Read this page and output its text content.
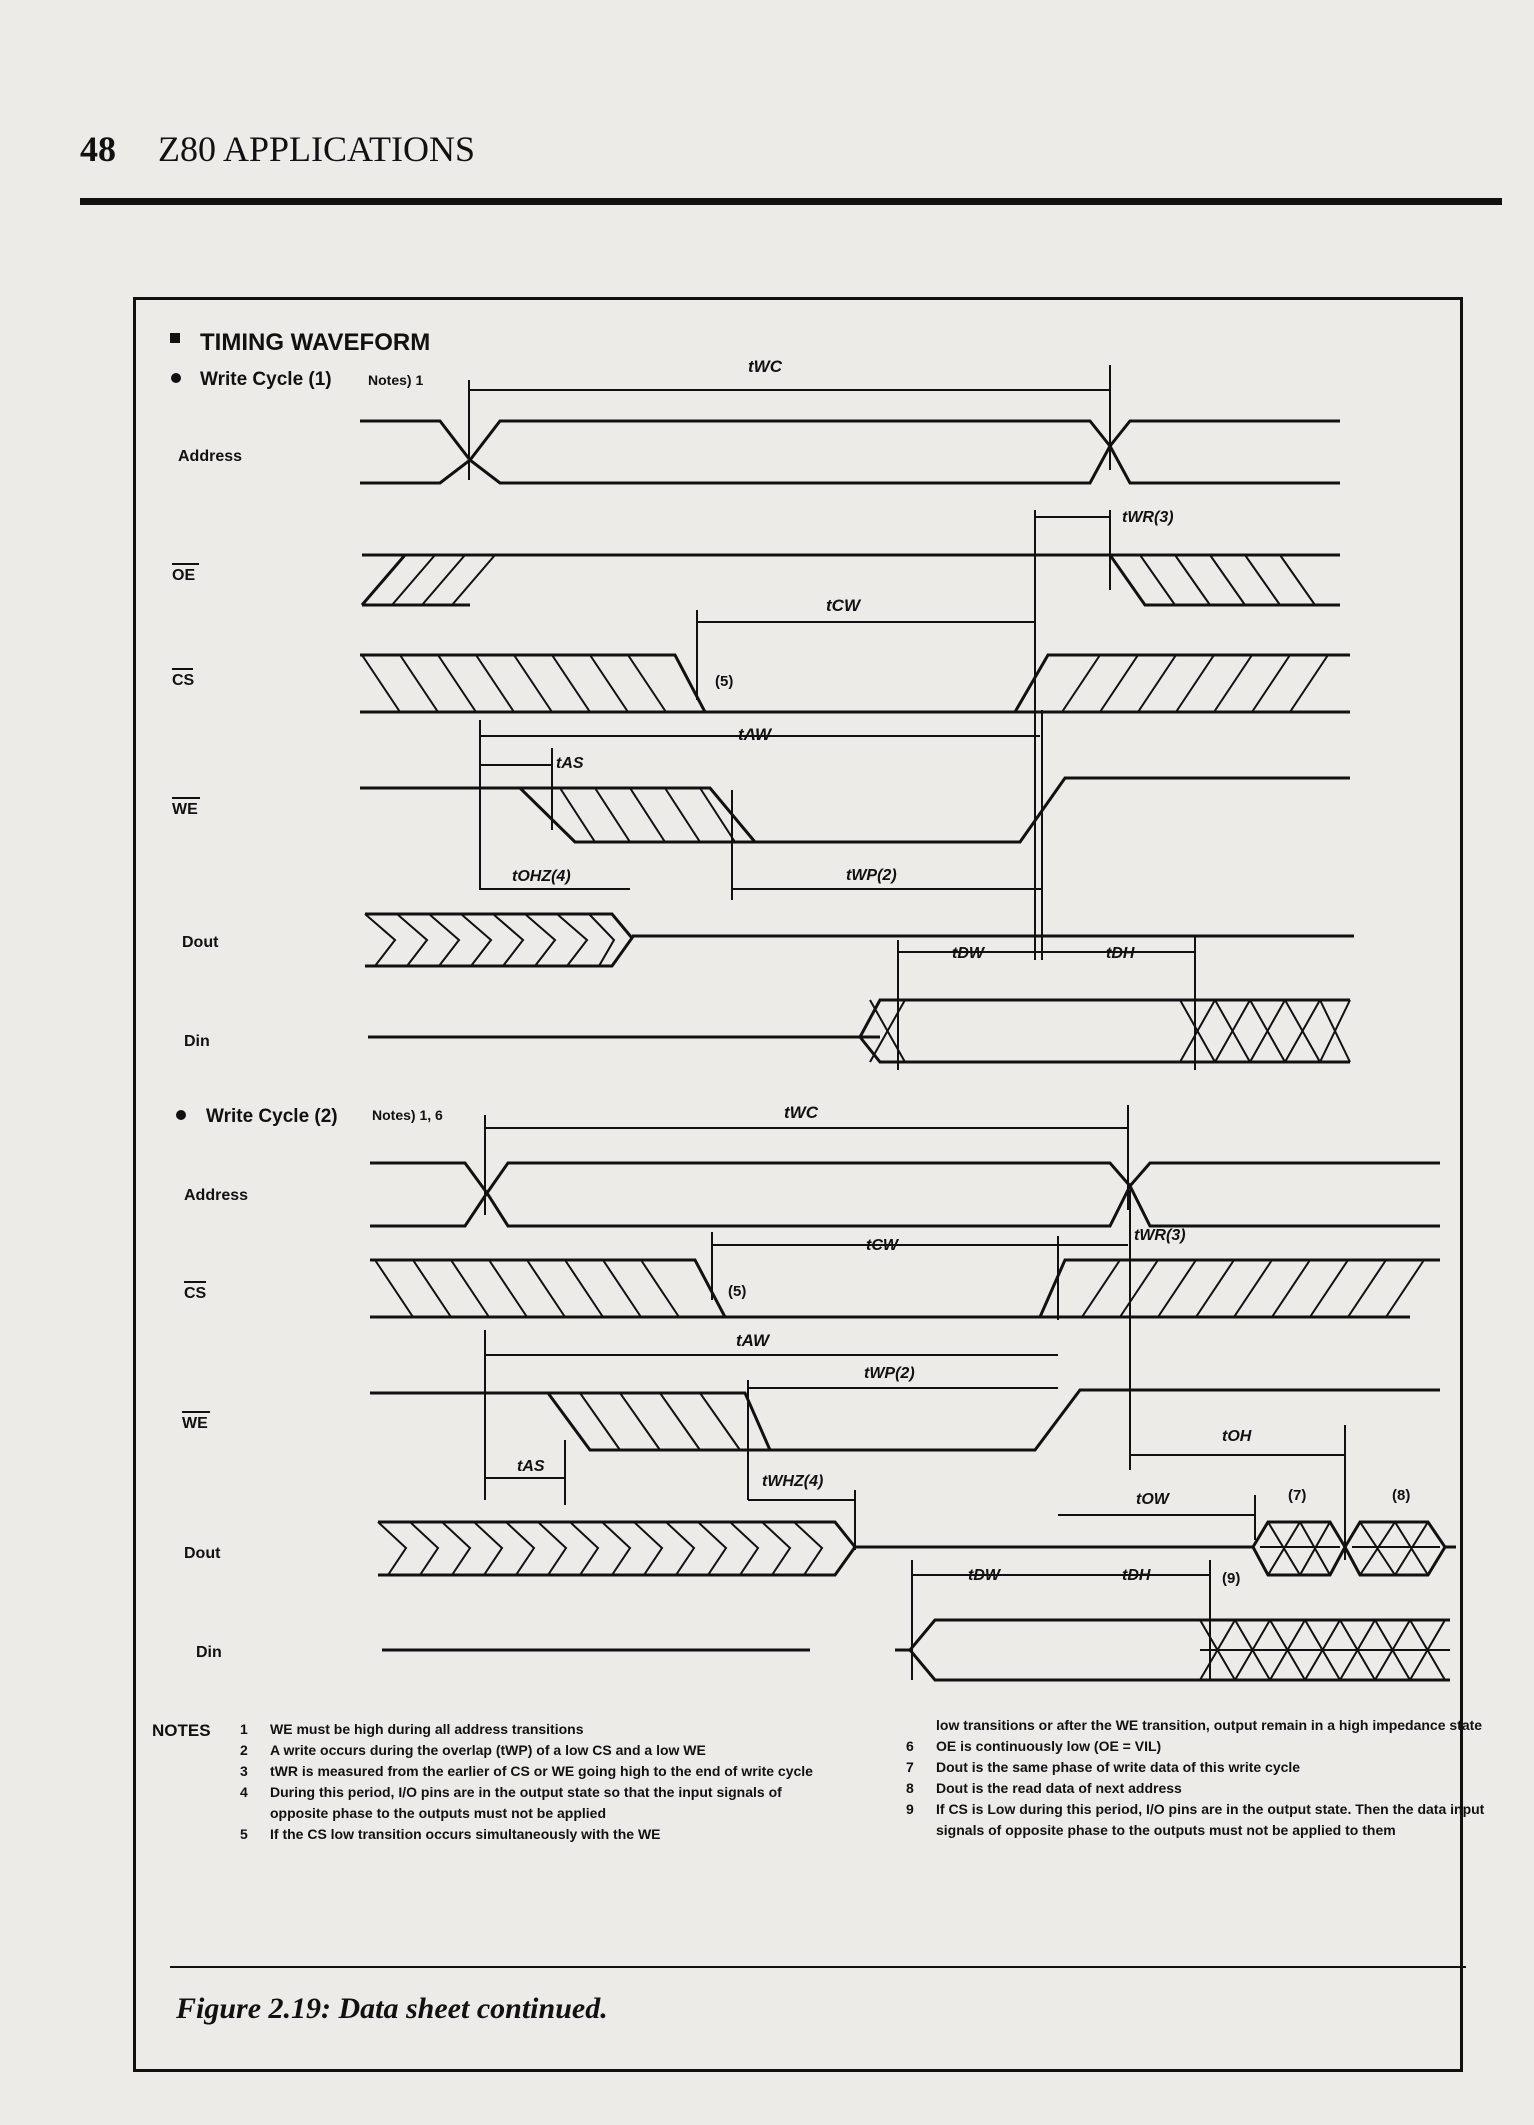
48 Z80 APPLICATIONS
TIMING WAVEFORM
Write Cycle (1)	Notes) 1
Address
OE
CS
WE
Dout
Din
tWC
tWR(3)
tCW
(5)
tAW
tAS
tOHZ(4)	tWP(2)
tDW	tDH
Write Cycle (2) Notes) 1, 6
Address
CS
WE
Dout
Din
tWC
tCW
tWR(3)
(5)
tAW
tWP(2)
tOH
tAS
tWHZ(4)
tOW	(7)	(8)
tDW	tDH	(9)
NOTES 1	WE must be high during all address transitions
2	A write occurs during the overlap (tWP) of a low CS and a low WE
3	tWR is measured from the earlier of CS or WE going high to the end of write cycle
4	During this period, I/O pins are in the output state so that the input signals of opposite phase to the outputs must not be applied
5	If the CS low transition occurs simultaneously with the WE
low transitions or after the WE transition, output remain in a high impedance state
6	OE is continuously low (OE = VIL)
7	Dout is the same phase of write data of this write cycle
8	Dout is the read data of next address
9	If CS is Low during this period, I/O pins are in the output state. Then the data input signals of opposite phase to the outputs must not be applied to them
Figure 2.19: Data sheet continued.
